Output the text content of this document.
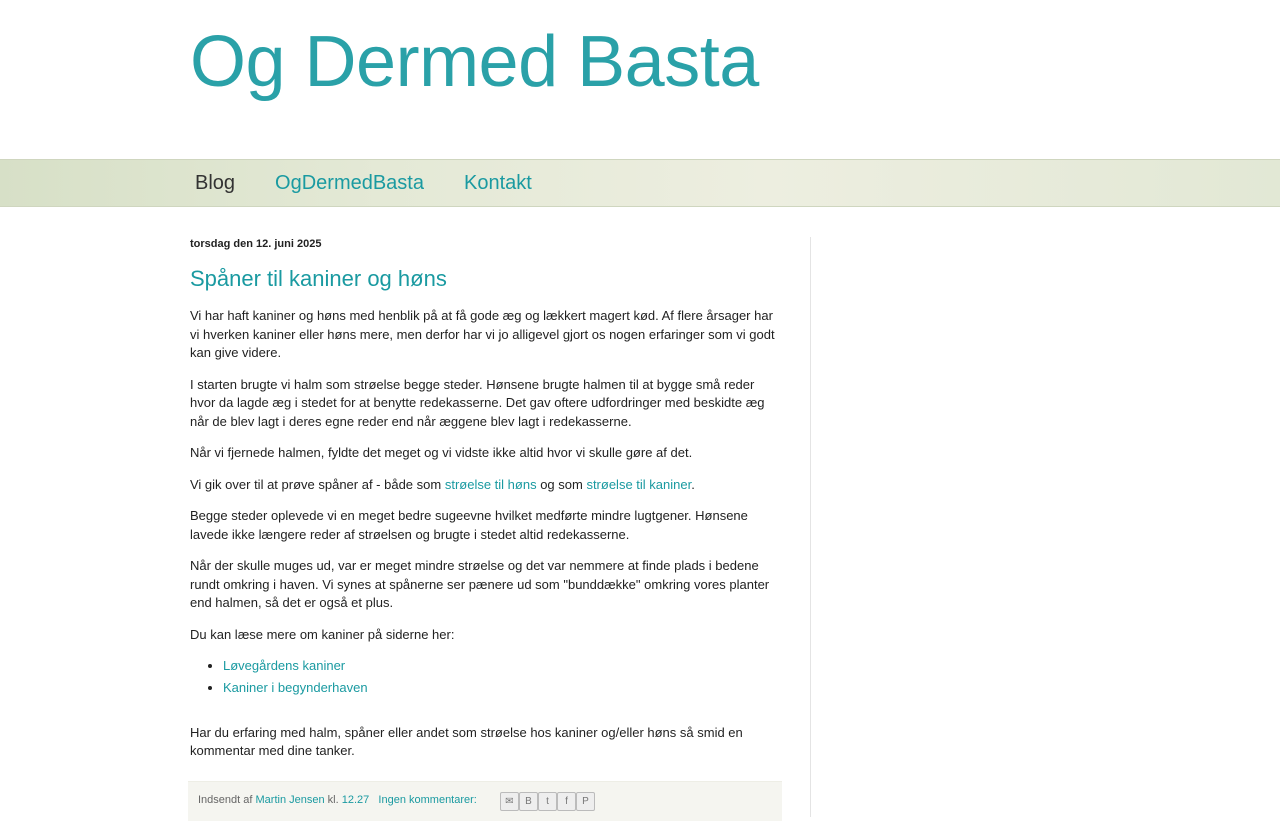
Og Dermed Basta
Blog	OgDermedBasta	Kontakt
torsdag den 12. juni 2025
Spåner til kaniner og høns

Vi har haft kaniner og høns med henblik på at få gode æg og lækkert magert kød. Af flere årsager har vi hverken kaniner eller høns mere, men derfor har vi jo alligevel gjort os nogen erfaringer som vi godt kan give videre.

I starten brugte vi halm som strøelse begge steder. Hønsene brugte halmen til at bygge små reder hvor da lagde æg i stedet for at benytte redekasserne. Det gav oftere udfordringer med beskidte æg når de blev lagt i deres egne reder end når æggene blev lagt i redekasserne.

Når vi fjernede halmen, fyldte det meget og vi vidste ikke altid hvor vi skulle gøre af det.

Vi gik over til at prøve spåner af - både som strøelse til høns og som strøelse til kaniner.

Begge steder oplevede vi en meget bedre sugeevne hvilket medførte mindre lugtgener. Hønsene lavede ikke længere reder af strøelsen og brugte i stedet altid redekasserne.

Når der skulle muges ud, var er meget mindre strøelse og det var nemmere at finde plads i bedene rundt omkring i haven. Vi synes at spånerne ser pænere ud som "bunddække" omkring vores planter end halmen, så det er også et plus.

Du kan læse mere om kaniner på siderne her:

• Løvegårdens kaniner
• Kaniner i begynderhaven

Har du erfaring med halm, spåner eller andet som strøelse hos kaniner og/eller høns så smid en kommentar med dine tanker.

Indsendt af Martin Jensen kl. 12.27 Ingen kommentarer:	✉	B	t	f	P
